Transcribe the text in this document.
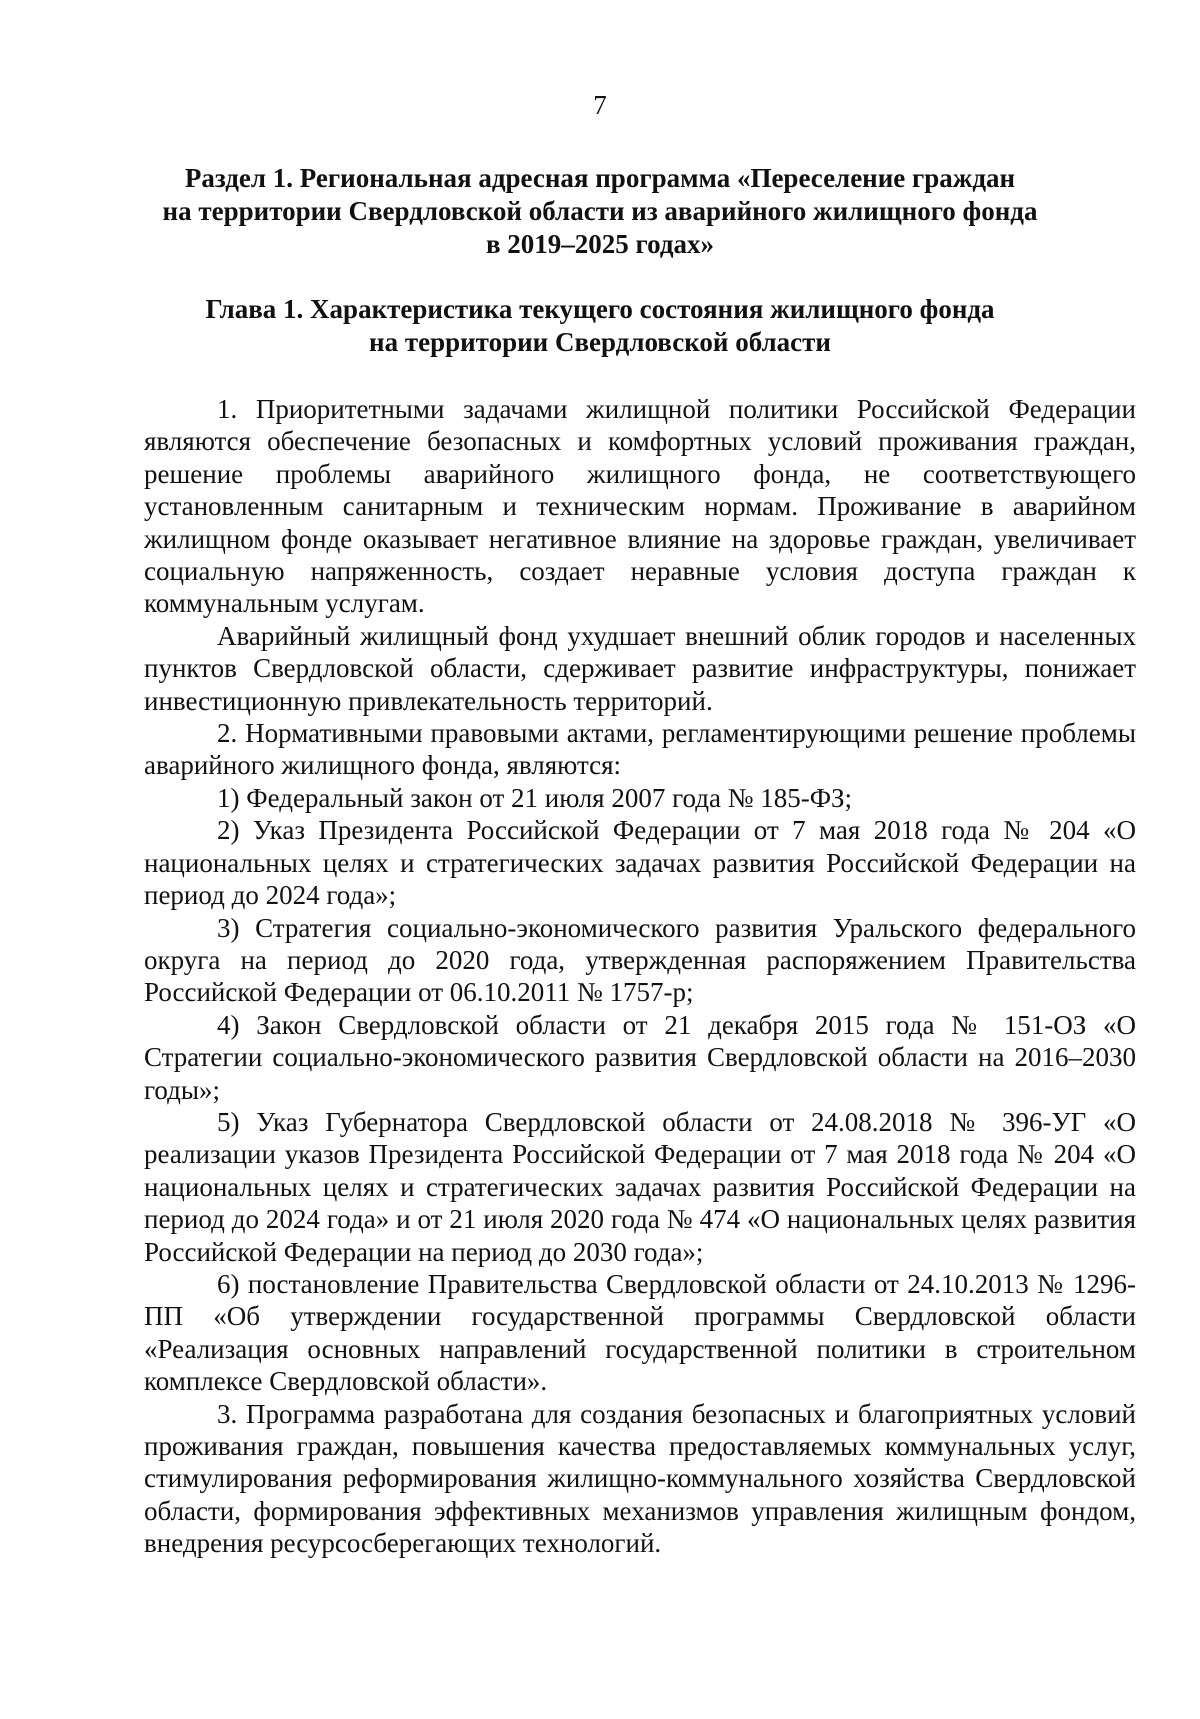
7
Раздел 1. Региональная адресная программа «Переселение граждан
на территории Свердловской области из аварийного жилищного фонда
в 2019–2025 годах»
Глава 1. Характеристика текущего состояния жилищного фонда
на территории Свердловской области

1. Приоритетными задачами жилищной политики Российской Федерации являются обеспечение безопасных и комфортных условий проживания граждан, решение проблемы аварийного жилищного фонда, не соответствующего установленным санитарным и техническим нормам. Проживание в аварийном жилищном фонде оказывает негативное влияние на здоровье граждан, увеличивает социальную напряженность, создает неравные условия доступа граждан к коммунальным услугам.

Аварийный жилищный фонд ухудшает внешний облик городов и населенных пунктов Свердловской области, сдерживает развитие инфраструктуры, понижает инвестиционную привлекательность территорий.

2. Нормативными правовыми актами, регламентирующими решение проблемы аварийного жилищного фонда, являются:

1) Федеральный закон от 21 июля 2007 года № 185-ФЗ;

2) Указ Президента Российской Федерации от 7 мая 2018 года № 204 «О национальных целях и стратегических задачах развития Российской Федерации на период до 2024 года»;

3) Стратегия социально-экономического развития Уральского федерального округа на период до 2020 года, утвержденная распоряжением Правительства Российской Федерации от 06.10.2011 № 1757-р;

4) Закон Свердловской области от 21 декабря 2015 года № 151-ОЗ «О Стратегии социально-экономического развития Свердловской области на 2016–2030 годы»;

5) Указ Губернатора Свердловской области от 24.08.2018 № 396-УГ «О реализации указов Президента Российской Федерации от 7 мая 2018 года № 204 «О национальных целях и стратегических задачах развития Российской Федерации на период до 2024 года» и от 21 июля 2020 года № 474 «О национальных целях развития Российской Федерации на период до 2030 года»;

6) постановление Правительства Свердловской области от 24.10.2013 № 1296-ПП «Об утверждении государственной программы Свердловской области «Реализация основных направлений государственной политики в строительном комплексе Свердловской области».

3. Программа разработана для создания безопасных и благоприятных условий проживания граждан, повышения качества предоставляемых коммунальных услуг, стимулирования реформирования жилищно-коммунального хозяйства Свердловской области, формирования эффективных механизмов управления жилищным фондом, внедрения ресурсосберегающих технологий.
